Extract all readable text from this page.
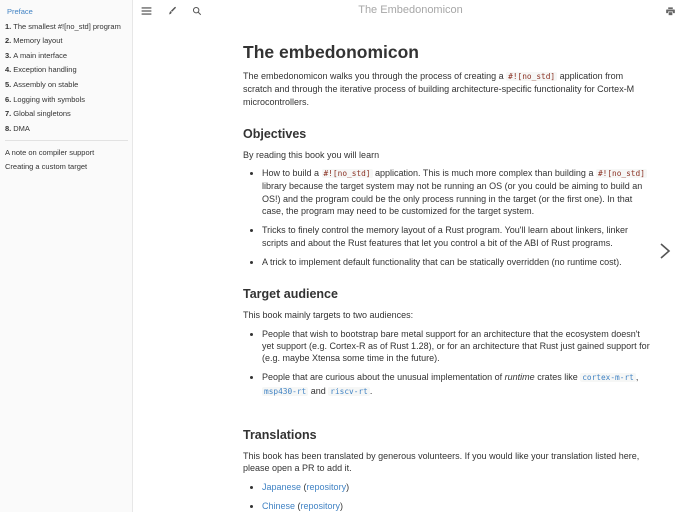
Preface
1. The smallest #![no_std] program
2. Memory layout
3. A main interface
4. Exception handling
5. Assembly on stable
6. Logging with symbols
7. Global singletons
8. DMA
A note on compiler support
Creating a custom target
The Embedonomicon
The embedonomicon

The embedonomicon walks you through the process of creating a #![no_std] application from scratch and through the iterative process of building architecture-specific functionality for Cortex-M microcontrollers.

Objectives

By reading this book you will learn

• How to build a #![no_std] application. This is much more complex than building a #![no_std] library because the target system may not be running an OS (or you could be aiming to build an OS!) and the program could be the only process running in the target (or the first one). In that case, the program may need to be customized for the target system.
• Tricks to finely control the memory layout of a Rust program. You'll learn about linkers, linker scripts and about the Rust features that let you control a bit of the ABI of Rust programs.
• A trick to implement default functionality that can be statically overridden (no runtime cost).
Target audience

This book mainly targets to two audiences:

• People that wish to bootstrap bare metal support for an architecture that the ecosystem doesn't yet support (e.g. Cortex-R as of Rust 1.28), or for an architecture that Rust just gained support for (e.g. maybe Xtensa some time in the future).
• People that are curious about the unusual implementation of runtime crates like cortex-m-rt , msp430-rt and riscv-rt .
Translations

This book has been translated by generous volunteers. If you would like your translation listed here, please open a PR to add it.

• Japanese (repository)
• Chinese (repository)
